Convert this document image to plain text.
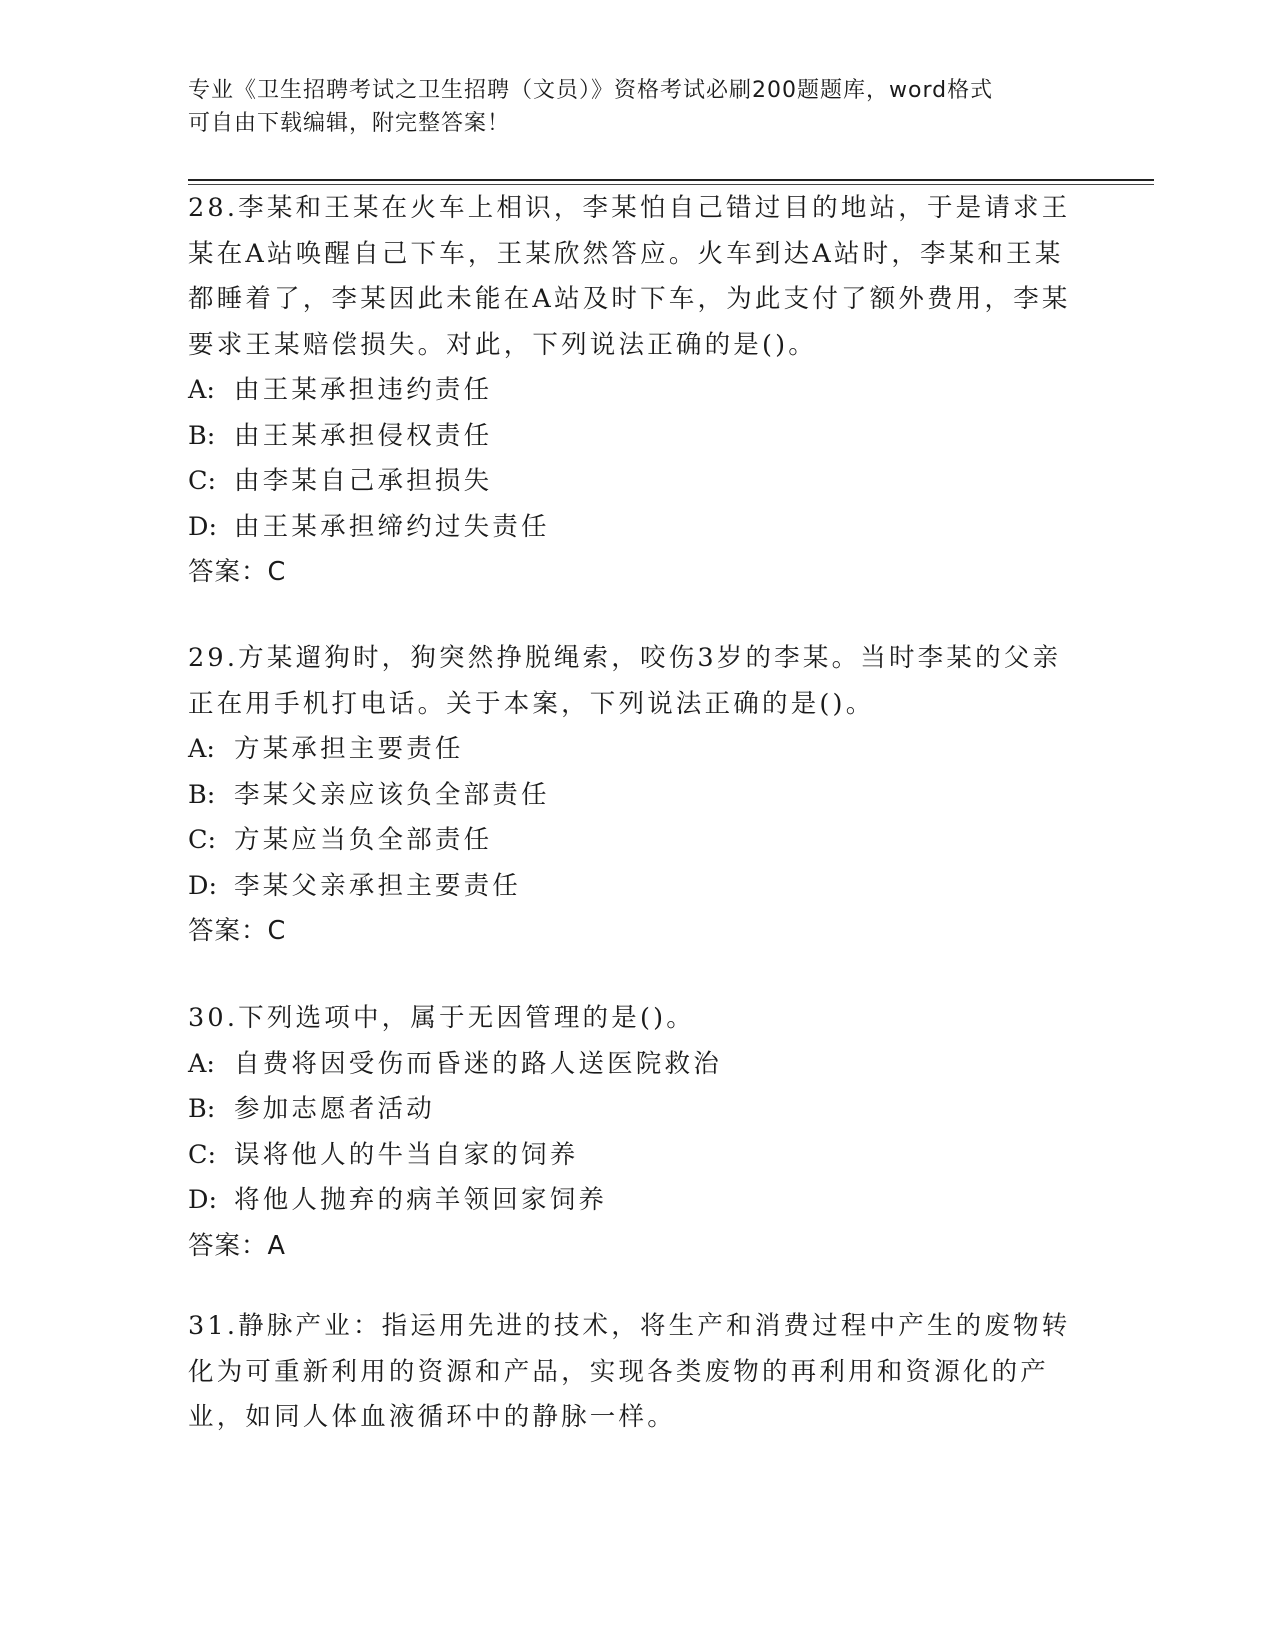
专业《卫生招聘考试之卫生招聘（文员）》资格考试必刷200题题库，word格式
可自由下载编辑，附完整答案！

28.李某和王某在火车上相识，李某怕自己错过目的地站，于是请求王某在A站唤醒自己下车，王某欣然答应。火车到达A站时，李某和王某都睡着了，李某因此未能在A站及时下车，为此支付了额外费用，李某要求王某赔偿损失。对此，下列说法正确的是()。

A: 由王某承担违约责任

B: 由王某承担侵权责任

C: 由李某自己承担损失

D: 由王某承担缔约过失责任

答案：C

29.方某遛狗时，狗突然挣脱绳索，咬伤3岁的李某。当时李某的父亲正在用手机打电话。关于本案，下列说法正确的是()。

A: 方某承担主要责任

B: 李某父亲应该负全部责任

C: 方某应当负全部责任

D: 李某父亲承担主要责任

答案：C

30.下列选项中，属于无因管理的是()。

A: 自费将因受伤而昏迷的路人送医院救治

B: 参加志愿者活动

C: 误将他人的牛当自家的饲养

D: 将他人抛弃的病羊领回家饲养

答案：A

31.静脉产业：指运用先进的技术，将生产和消费过程中产生的废物转化为可重新利用的资源和产品，实现各类废物的再利用和资源化的产业，如同人体血液循环中的静脉一样。
